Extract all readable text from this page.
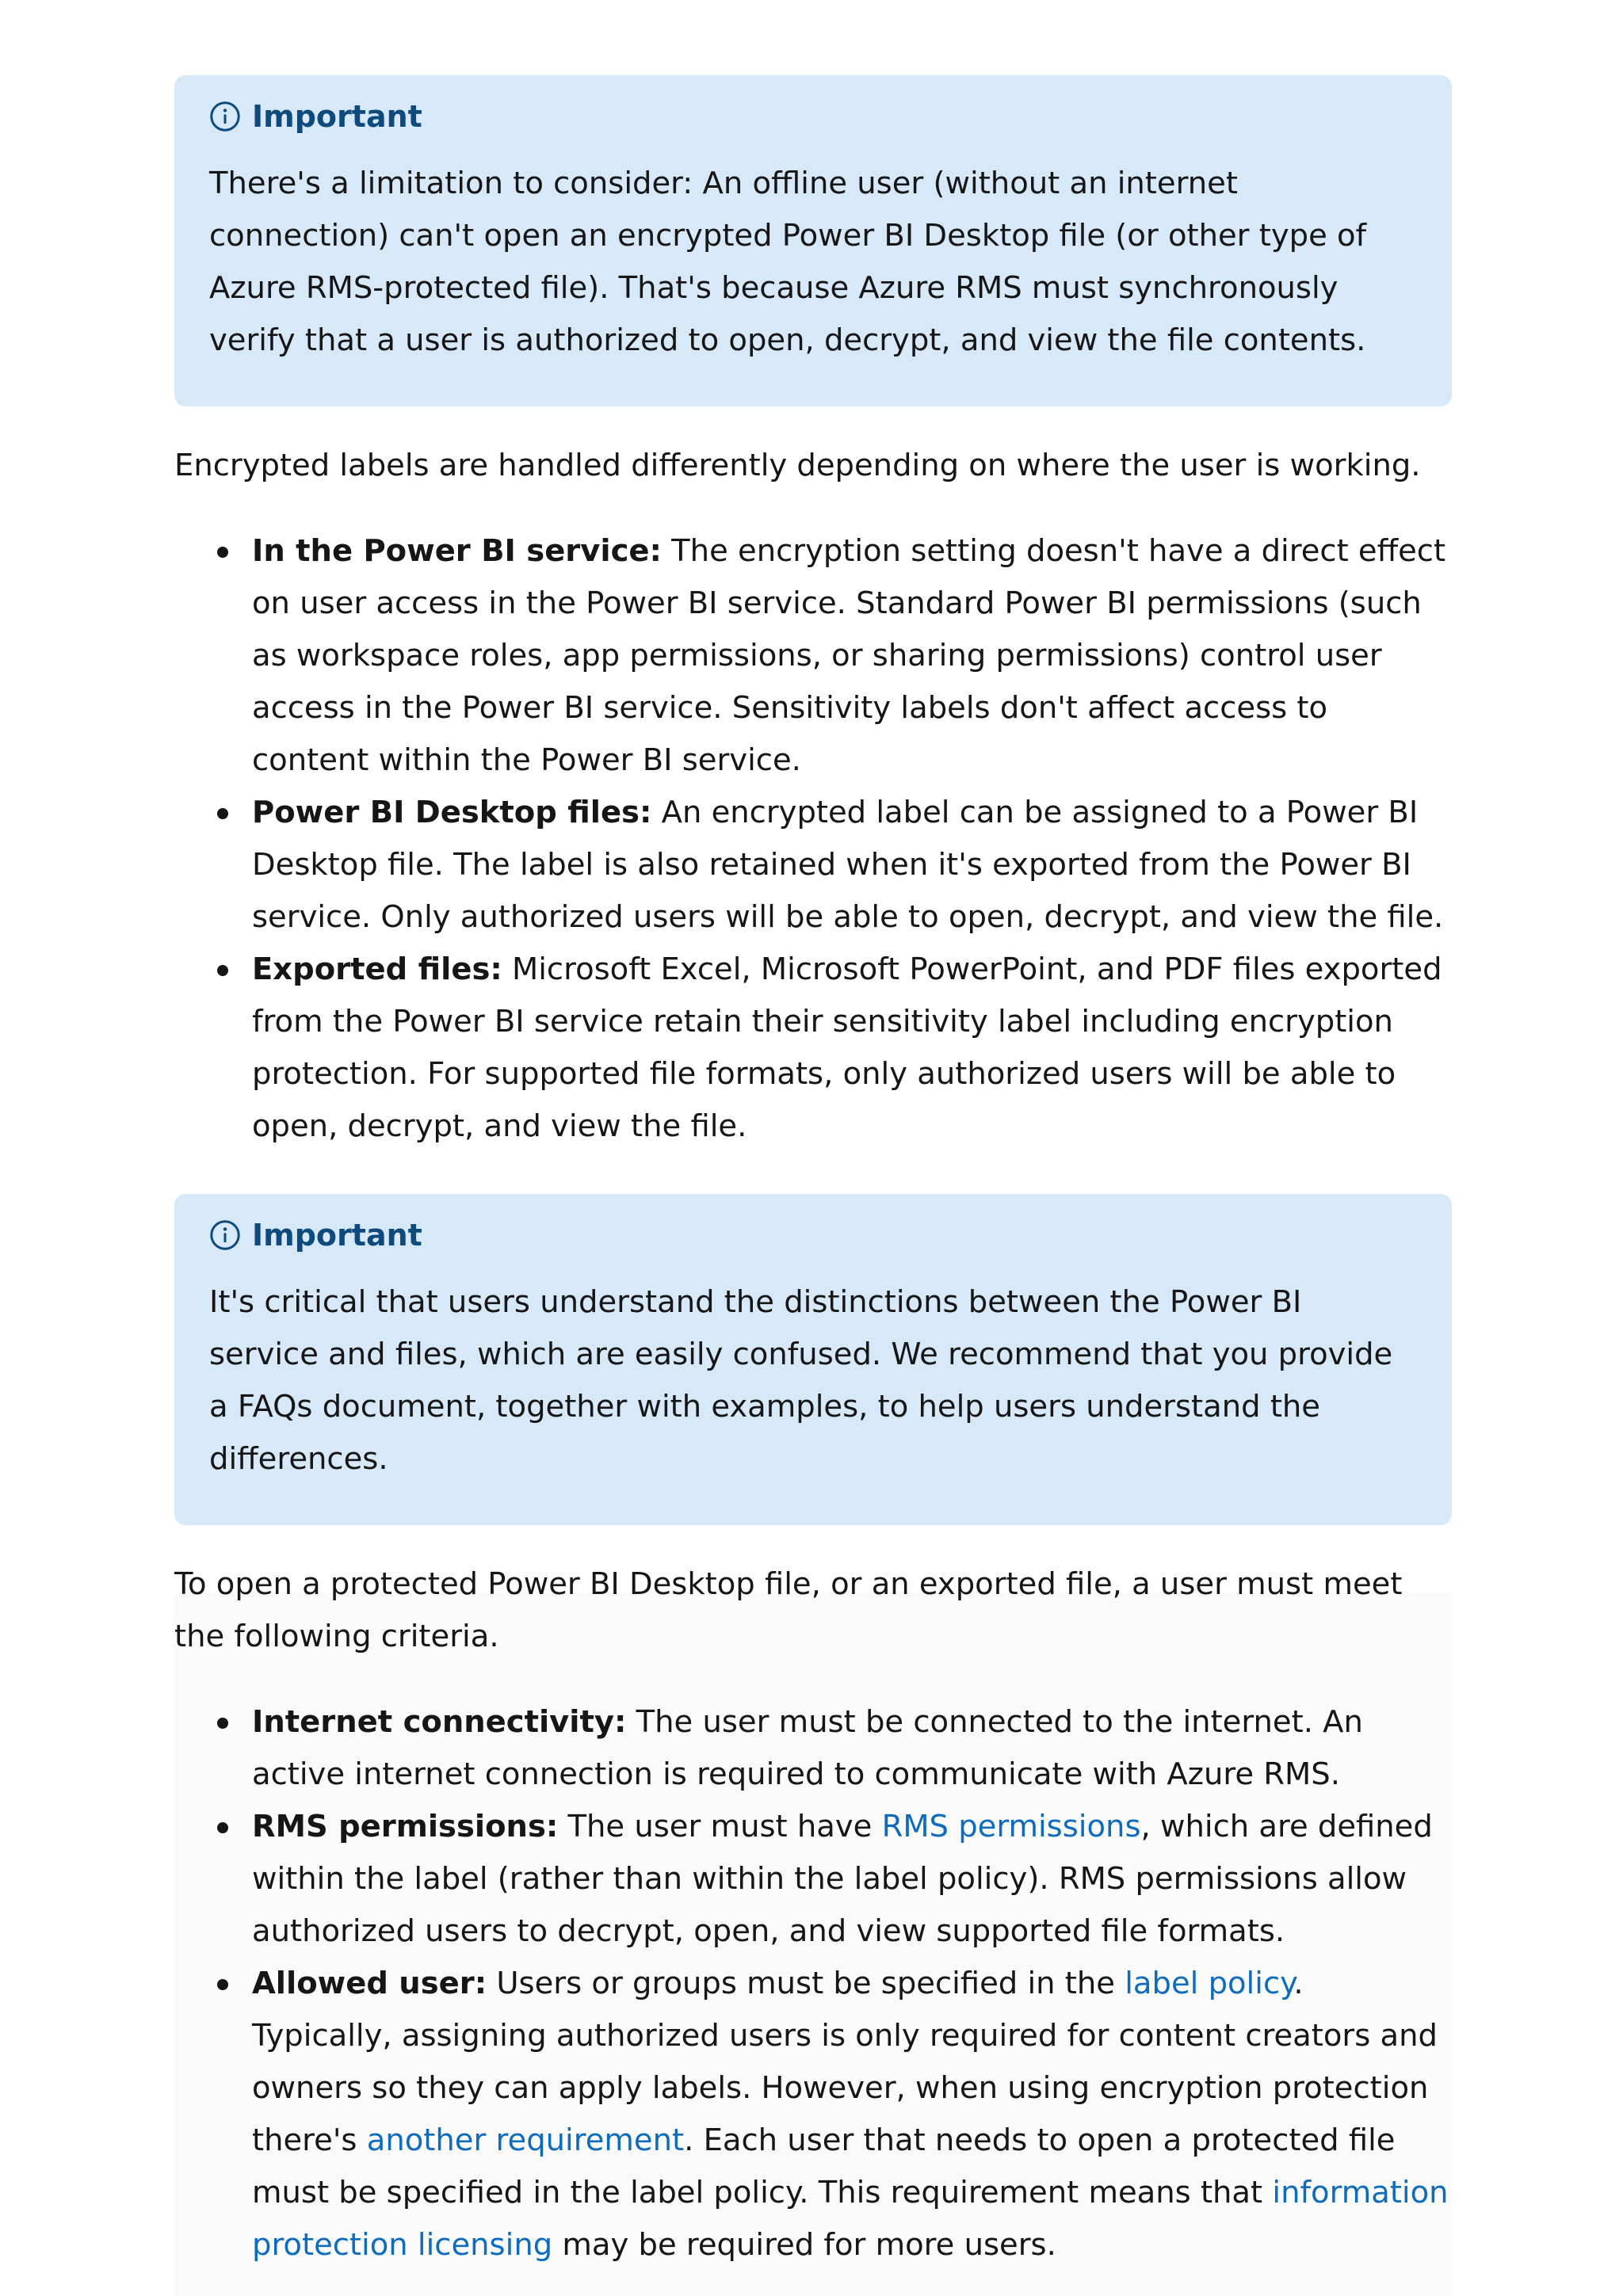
Important
There's a limitation to consider: An offline user (without an internet connection) can't open an encrypted Power BI Desktop file (or other type of Azure RMS-protected file). That's because Azure RMS must synchronously verify that a user is authorized to open, decrypt, and view the file contents.

Encrypted labels are handled differently depending on where the user is working.

In the Power BI service: The encryption setting doesn't have a direct effect on user access in the Power BI service. Standard Power BI permissions (such as workspace roles, app permissions, or sharing permissions) control user access in the Power BI service. Sensitivity labels don't affect access to content within the Power BI service.
Power BI Desktop files: An encrypted label can be assigned to a Power BI Desktop file. The label is also retained when it's exported from the Power BI service. Only authorized users will be able to open, decrypt, and view the file.
Exported files: Microsoft Excel, Microsoft PowerPoint, and PDF files exported from the Power BI service retain their sensitivity label including encryption protection. For supported file formats, only authorized users will be able to open, decrypt, and view the file.
Important
It's critical that users understand the distinctions between the Power BI service and files, which are easily confused. We recommend that you provide a FAQs document, together with examples, to help users understand the differences.

To open a protected Power BI Desktop file, or an exported file, a user must meet the following criteria.

Internet connectivity: The user must be connected to the internet. An active internet connection is required to communicate with Azure RMS.
RMS permissions: The user must have RMS permissions, which are defined within the label (rather than within the label policy). RMS permissions allow authorized users to decrypt, open, and view supported file formats.
Allowed user: Users or groups must be specified in the label policy. Typically, assigning authorized users is only required for content creators and owners so they can apply labels. However, when using encryption protection there's another requirement. Each user that needs to open a protected file must be specified in the label policy. This requirement means that information protection licensing may be required for more users.
